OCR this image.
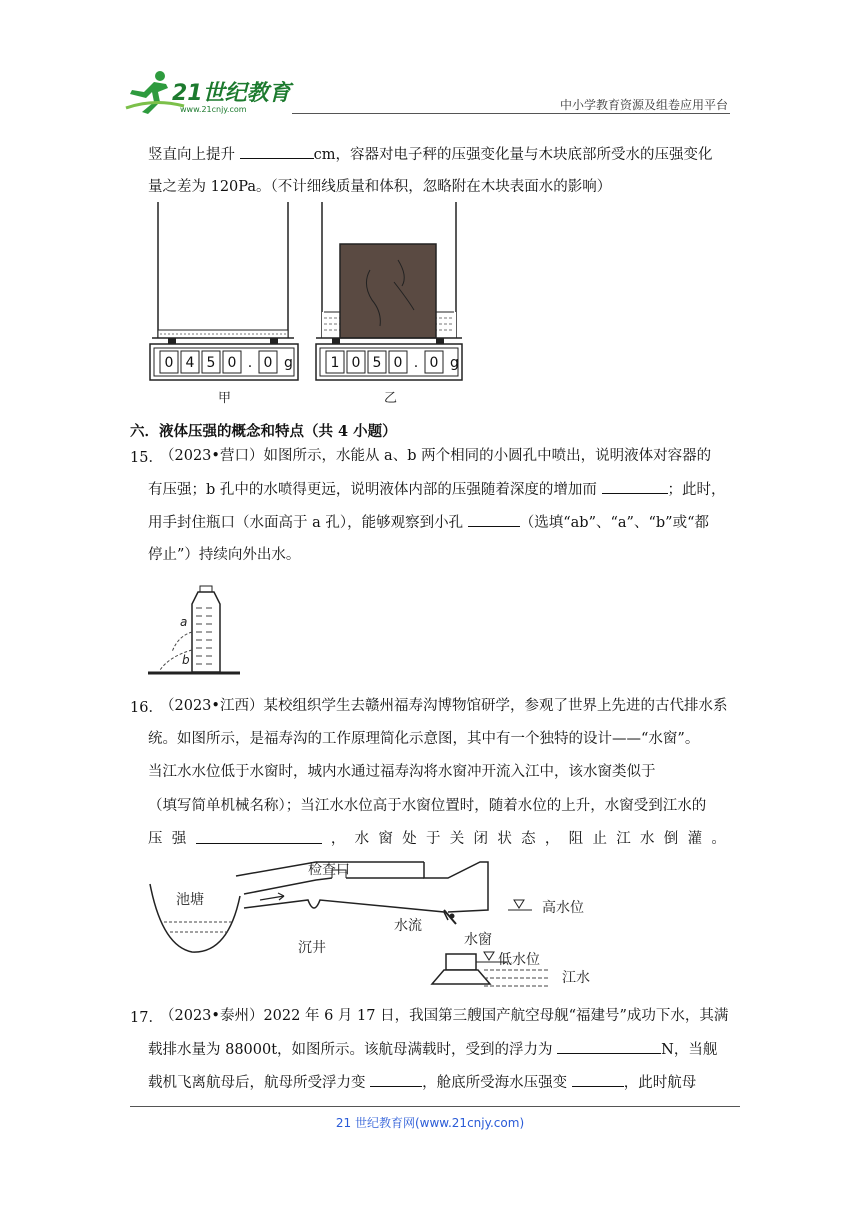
21世纪教育
www.21cnjy.com	中小学教育资源及组卷应用平台
竖直向上提升	cm，容器对电子秤的压强变化量与木块底部所受水的压强变化
量之差为 120Pa。（不计细线质量和体积，忽略附在木块表面水的影响）
0 4 5 0 . 0 g
甲
1 0 5 0 . 0 g
乙
六．液体压强的概念和特点（共 4 小题）
15．
（2023•营口）如图所示，水能从 a、b 两个相同的小圆孔中喷出，说明液体对容器的
有压强；b 孔中的水喷得更远，说明液体内部的压强随着深度的增加而	；此时，
用手封住瓶口（水面高于 a 孔），能够观察到小孔	（选填“ab”、“a”、“b”或“都
停止”）持续向外出水。
a
b
16．
（2023•江西）某校组织学生去赣州福寿沟博物馆研学，参观了世界上先进的古代排水系
统。如图所示，是福寿沟的工作原理简化示意图，其中有一个独特的设计——“水窗”。
当江水水位低于水窗时，城内水通过福寿沟将水窗冲开流入江中，该水窗类似于
（填写简单机械名称）；当江水水位高于水窗位置时，随着水位的上升，水窗受到江水的
压 强	， 水 窗 处 于 关 闭 状 态 ， 阻 止 江 水 倒 灌 。
池塘
检查口
沉井
水流
水窗
高水位
低水位
江水
17．
（2023•泰州）2022 年 6 月 17 日，我国第三艘国产航空母舰“福建号”成功下水，其满
载排水量为 88000t，如图所示。该航母满载时，受到的浮力为	N，当舰
载机飞离航母后，航母所受浮力变	，舱底所受海水压强变	，此时航母
21 世纪教育网(www.21cnjy.com)
